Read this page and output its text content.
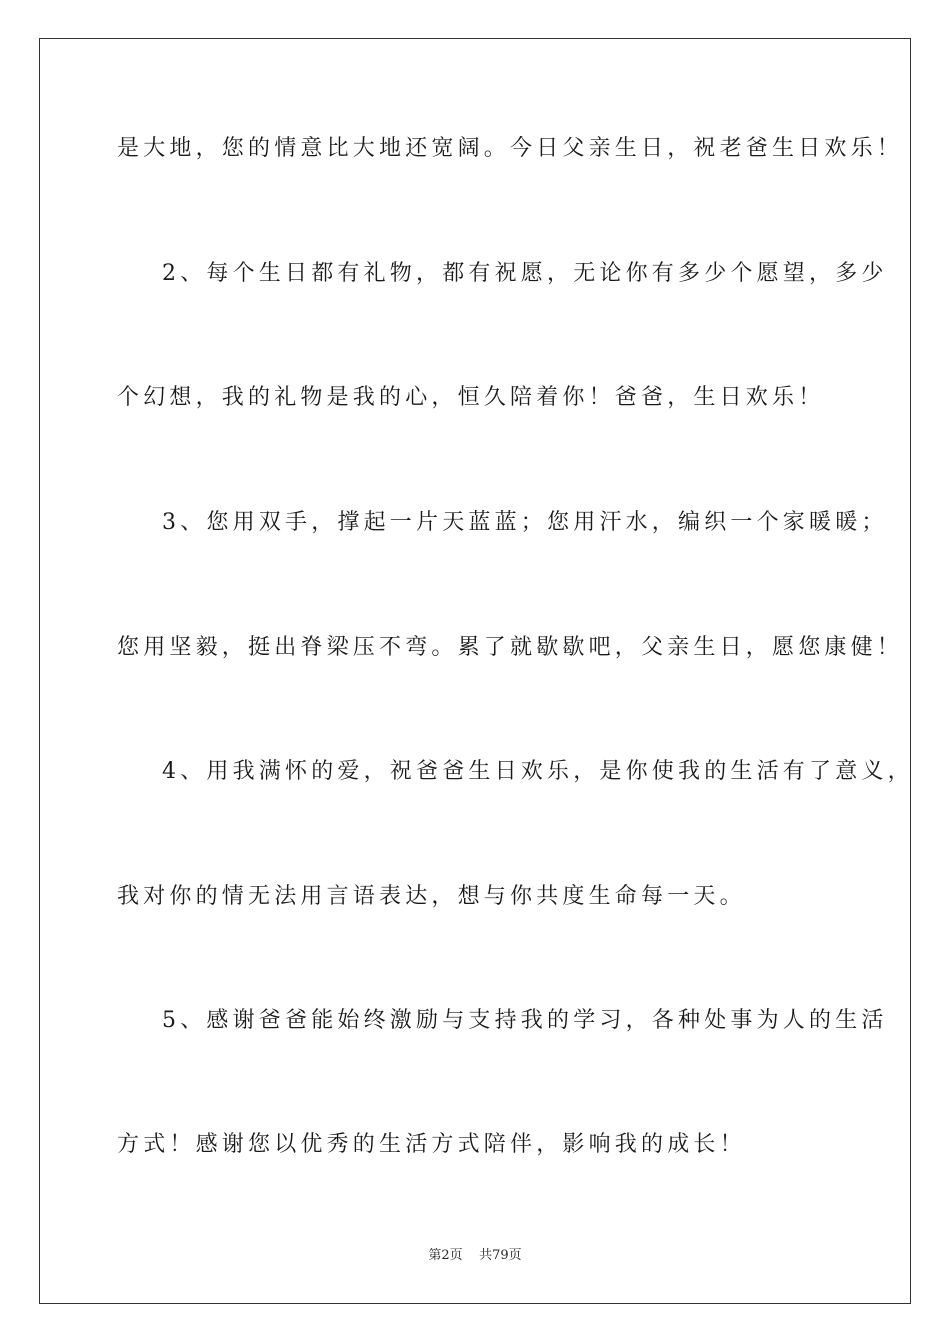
是大地，您的情意比大地还宽阔。今日父亲生日，祝老爸生日欢乐！
2、每个生日都有礼物，都有祝愿，无论你有多少个愿望，多少
个幻想，我的礼物是我的心，恒久陪着你！爸爸，生日欢乐！
3、您用双手，撑起一片天蓝蓝；您用汗水，编织一个家暖暖；
您用坚毅，挺出脊梁压不弯。累了就歇歇吧，父亲生日，愿您康健！
4、用我满怀的爱，祝爸爸生日欢乐，是你使我的生活有了意义，
我对你的情无法用言语表达，想与你共度生命每一天。
5、感谢爸爸能始终激励与支持我的学习，各种处事为人的生活
方式！感谢您以优秀的生活方式陪伴，影响我的成长！
第2页 共79页
